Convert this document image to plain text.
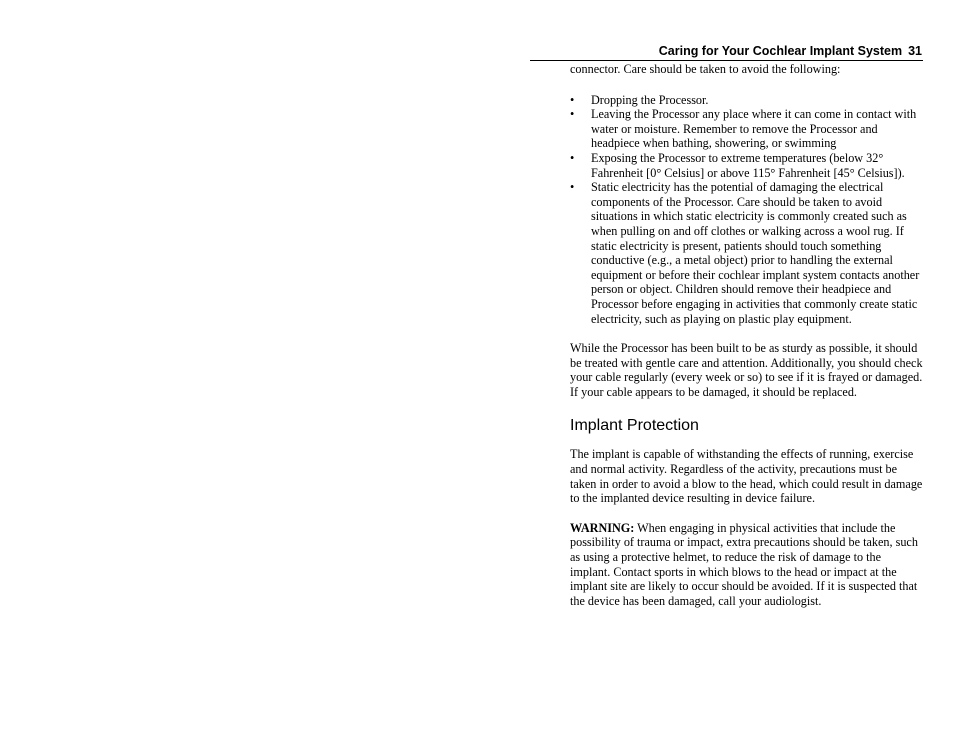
Caring for Your Cochlear Implant System 31

connector. Care should be taken to avoid the following:

• Dropping the Processor.
• Leaving the Processor any place where it can come in contact with water or moisture. Remember to remove the Processor and headpiece when bathing, showering, or swimming
• Exposing the Processor to extreme temperatures (below 32° Fahrenheit [0° Celsius] or above 115° Fahrenheit [45° Celsius]).
• Static electricity has the potential of damaging the electrical components of the Processor. Care should be taken to avoid situations in which static electricity is commonly created such as when pulling on and off clothes or walking across a wool rug. If static electricity is present, patients should touch something conductive (e.g., a metal object) prior to handling the external equipment or before their cochlear implant system contacts another person or object. Children should remove their headpiece and Processor before engaging in activities that commonly create static electricity, such as playing on plastic play equipment.

While the Processor has been built to be as sturdy as possible, it should be treated with gentle care and attention. Additionally, you should check your cable regularly (every week or so) to see if it is frayed or damaged. If your cable appears to be damaged, it should be replaced.

Implant Protection

The implant is capable of withstanding the effects of running, exercise and normal activity. Regardless of the activity, precautions must be taken in order to avoid a blow to the head, which could result in damage to the implanted device resulting in device failure.

WARNING: When engaging in physical activities that include the possibility of trauma or impact, extra precautions should be taken, such as using a protective helmet, to reduce the risk of damage to the implant. Contact sports in which blows to the head or impact at the implant site are likely to occur should be avoided. If it is suspected that the device has been damaged, call your audiologist.
